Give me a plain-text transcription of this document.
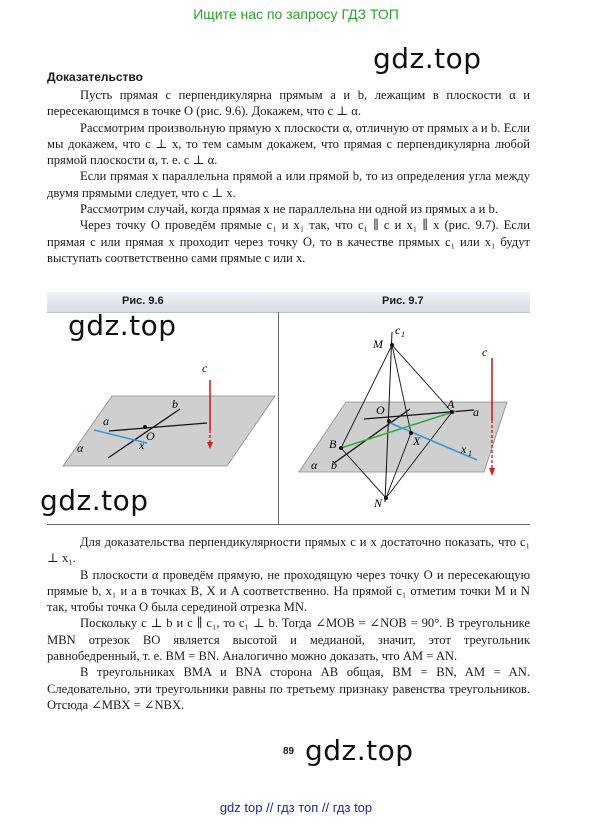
Ищите нас по запросу ГДЗ ТОП
gdz.top
Доказательство

Пусть прямая c перпендикулярна прямым a и b, лежащим в плоскости α и пересекающимся в точке O (рис. 9.6). Докажем, что c ⊥ α.

Рассмотрим произвольную прямую x плоскости α, отличную от прямых a и b. Если мы докажем, что c ⊥ x, то тем самым докажем, что прямая c перпендикулярна любой прямой плоскости α, т. е. c ⊥ α.

Если прямая x параллельна прямой a или прямой b, то из определения угла между двумя прямыми следует, что c ⊥ x.

Рассмотрим случай, когда прямая x не параллельна ни одной из прямых a и b.

Через точку O проведём прямые c₁ и x₁ так, что c₁ ∥ c и x₁ ∥ x (рис. 9.7). Если прямая c или прямая x проходит через точку O, то в качестве прямых c₁ или x₁ будут выступать соответственно сами прямые c или x.

Рис. 9.6	Рис. 9.7
gdz.top
gdz.top
c
a
b
O
x
α
M
c 1
c
O	A
a
B	X
x 1
α b
N

Для доказательства перпендикулярности прямых c и x достаточно показать, что c₁ ⊥ x₁.

В плоскости α проведём прямую, не проходящую через точку O и пересекающую прямые b, x₁ и a в точках B, X и A соответственно. На прямой c₁ отметим точки M и N так, чтобы точка O была серединой отрезка MN.

Поскольку c ⊥ b и c ∥ c₁, то c₁ ⊥ b. Тогда ∠MOB = ∠NOB = 90°. В треугольнике MBN отрезок BO является высотой и медианой, значит, этот треугольник равнобедренный, т. е. BM = BN. Аналогично можно доказать, что AM = AN.

В треугольниках BMA и BNA сторона AB общая, BM = BN, AM = AN. Следовательно, эти треугольники равны по третьему признаку равенства треугольников. Отсюда ∠MBX = ∠NBX.

89 gdz.top
gdz top // гдз топ // гдз top
